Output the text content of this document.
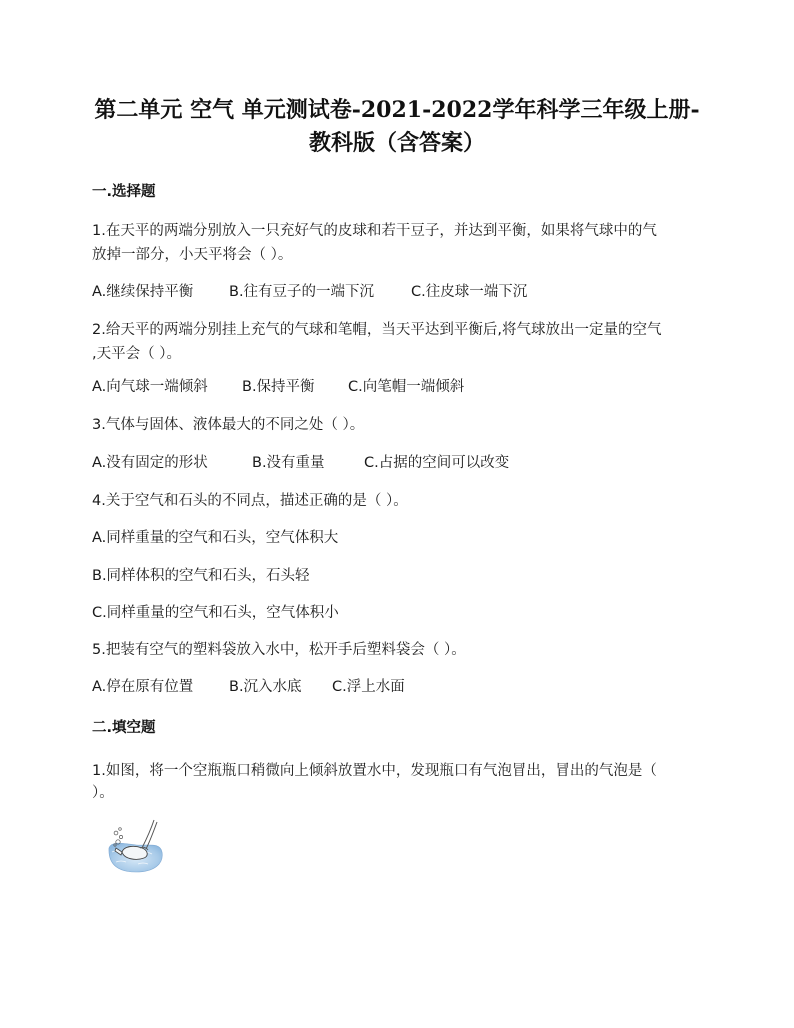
第二单元 空气 单元测试卷-2021-2022学年科学三年级上册-
教科版（含答案）
一.选择题
1.在天平的两端分别放入一只充好气的皮球和若干豆子，并达到平衡，如果将气球中的气
放掉一部分，小天平将会（ ）。
A.继续保持平衡 B.往有豆子的一端下沉	C.往皮球一端下沉
2.给天平的两端分别挂上充气的气球和笔帽，当天平达到平衡后,将气球放出一定量的空气
,天平会（ ）。
A.向气球一端倾斜 B.保持平衡 C.向笔帽一端倾斜
3.气体与固体、液体最大的不同之处（ ）。
A.没有固定的形状	B.没有重量	C.占据的空间可以改变
4.关于空气和石头的不同点，描述正确的是（ ）。
A.同样重量的空气和石头，空气体积大
B.同样体积的空气和石头，石头轻
C.同样重量的空气和石头，空气体积小
5.把装有空气的塑料袋放入水中，松开手后塑料袋会（ ）。
A.停在原有位置 B.沉入水底 C.浮上水面
二.填空题
1.如图，将一个空瓶瓶口稍微向上倾斜放置水中，发现瓶口有气泡冒出，冒出的气泡是（
）。
